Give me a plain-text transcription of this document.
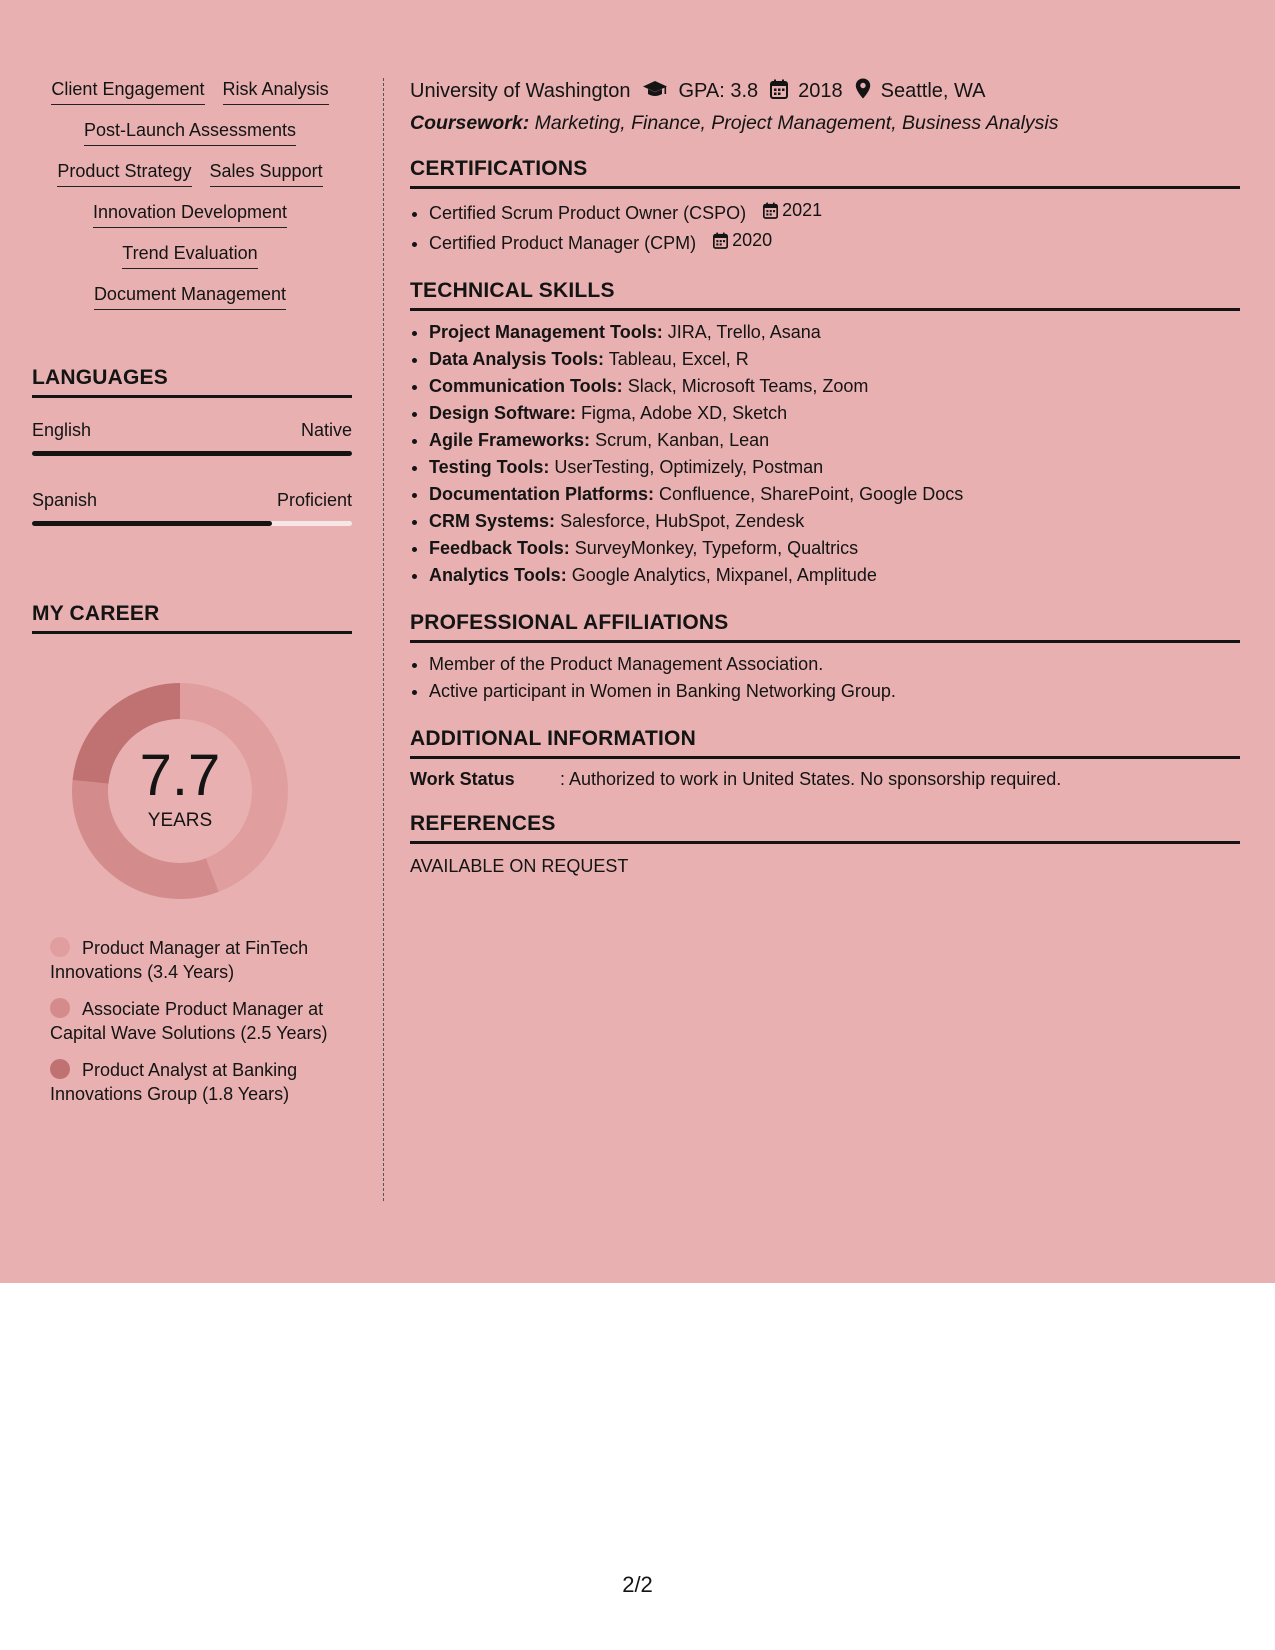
Client Engagement Risk Analysis
Post-Launch Assessments
Product Strategy Sales Support
Innovation Development
Trend Evaluation
Document Management
LANGUAGES
English	Native
Spanish	Proficient
MY CAREER
7.7
YEARS
Product Manager at FinTech Innovations (3.4 Years)
Associate Product Manager at Capital Wave Solutions (2.5 Years)
Product Analyst at Banking Innovations Group (1.8 Years)
University of Washington GPA: 3.8 2018 Seattle, WA
Coursework: Marketing, Finance, Project Management, Business Analysis
CERTIFICATIONS
• Certified Scrum Product Owner (CSPO) 2021
• Certified Product Manager (CPM) 2020
TECHNICAL SKILLS
• Project Management Tools: JIRA, Trello, Asana
• Data Analysis Tools: Tableau, Excel, R
• Communication Tools: Slack, Microsoft Teams, Zoom
• Design Software: Figma, Adobe XD, Sketch
• Agile Frameworks: Scrum, Kanban, Lean
• Testing Tools: UserTesting, Optimizely, Postman
• Documentation Platforms: Confluence, SharePoint, Google Docs
• CRM Systems: Salesforce, HubSpot, Zendesk
• Feedback Tools: SurveyMonkey, Typeform, Qualtrics
• Analytics Tools: Google Analytics, Mixpanel, Amplitude
PROFESSIONAL AFFILIATIONS
• Member of the Product Management Association.
• Active participant in Women in Banking Networking Group.
ADDITIONAL INFORMATION
Work Status	: Authorized to work in United States. No sponsorship required.
REFERENCES
AVAILABLE ON REQUEST
2/2
